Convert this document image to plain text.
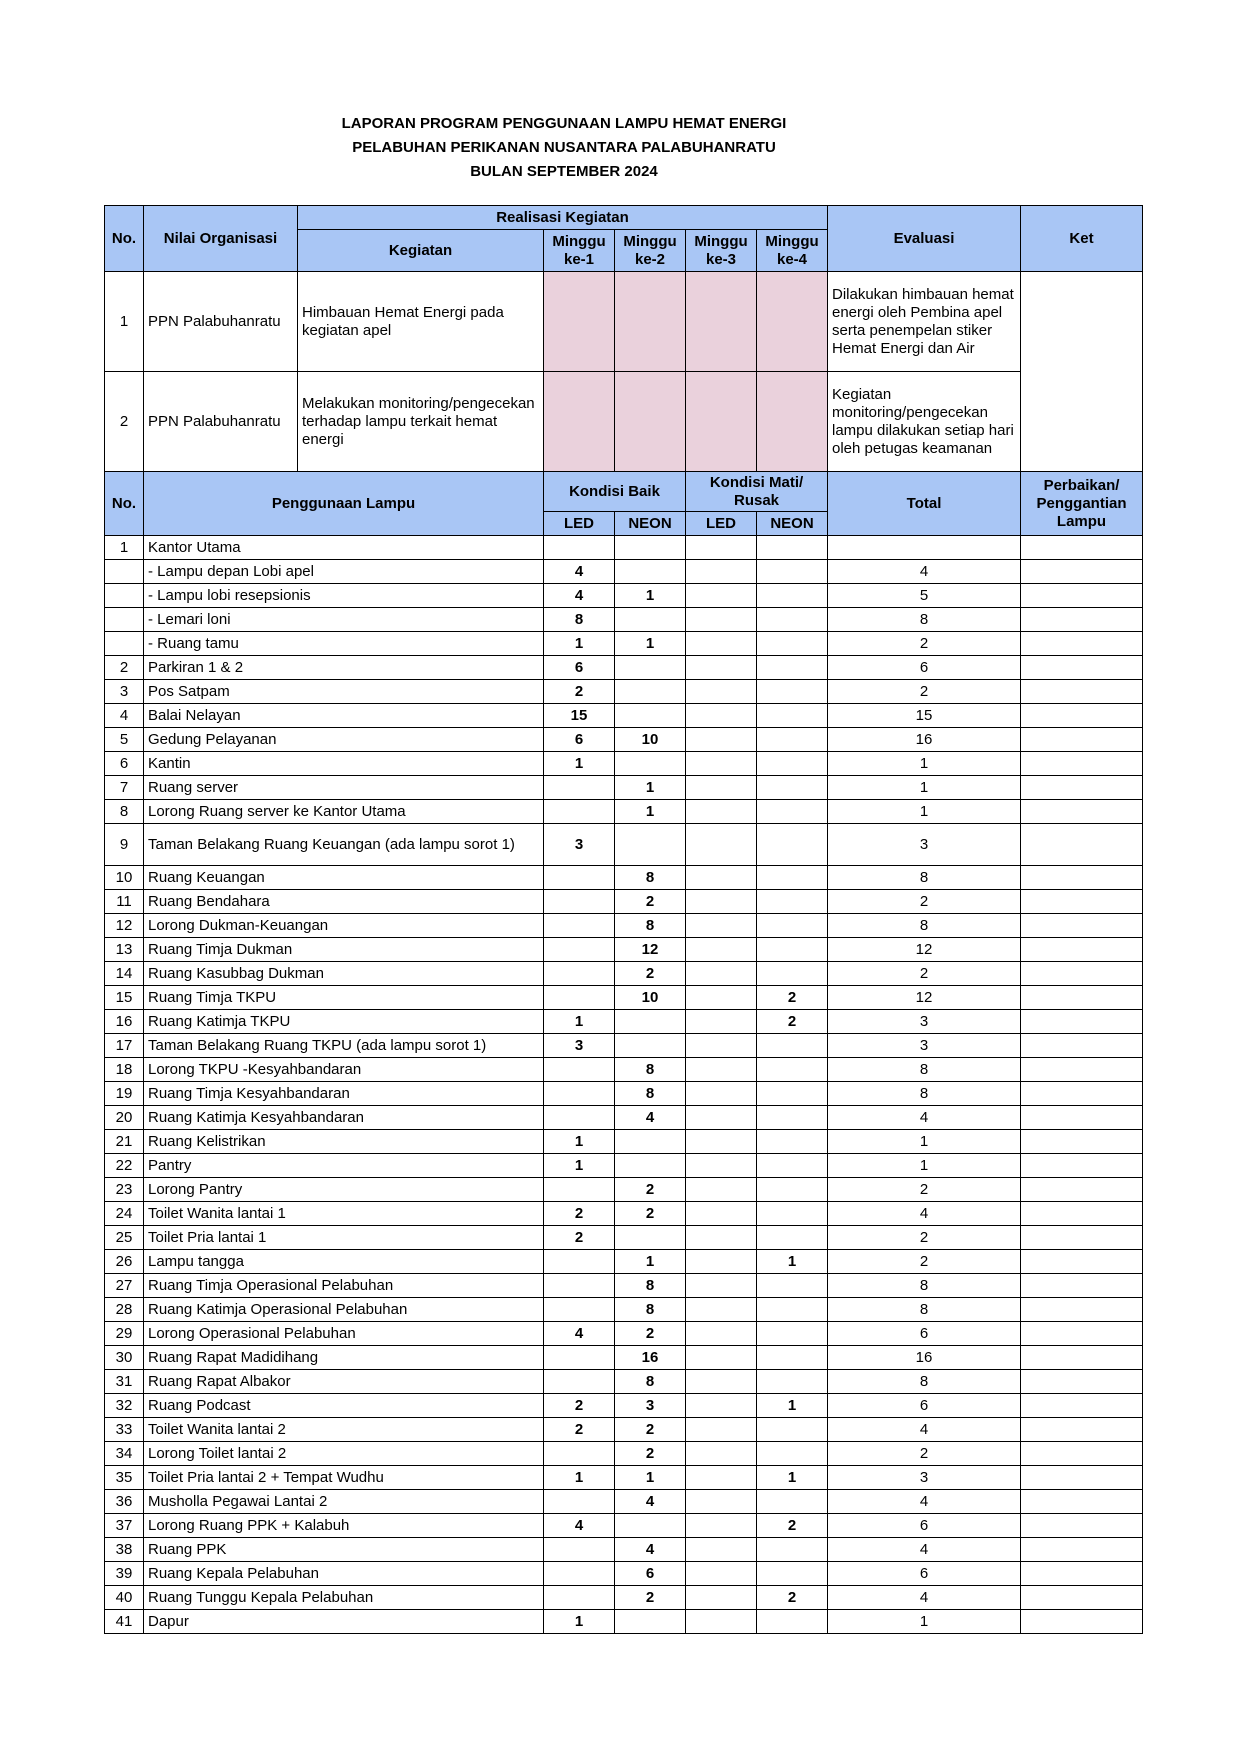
LAPORAN PROGRAM PENGGUNAAN LAMPU HEMAT ENERGI
PELABUHAN PERIKANAN NUSANTARA PALABUHANRATU
BULAN SEPTEMBER 2024
No.	Nilai Organisasi	Realisasi Kegiatan					Evaluasi	Ket
		Kegiatan	Minggu ke-1	Minggu ke-2	Minggu ke-3	Minggu ke-4		
1	PPN Palabuhanratu	Himbauan Hemat Energi pada kegiatan apel					Dilakukan himbauan hemat energi oleh Pembina apel serta penempelan stiker Hemat Energi dan Air	
2	PPN Palabuhanratu	Melakukan monitoring/pengecekan terhadap lampu terkait hemat energi					Kegiatan monitoring/pengecekan lampu dilakukan setiap hari oleh petugas keamanan	
No.	Penggunaan Lampu		Kondisi Baik		Kondisi Mati/ Rusak		Total	Perbaikan/ Penggantian Lampu
			LED	NEON	LED	NEON		
1	Kantor Utama							
	- Lampu depan Lobi apel		4				4	
	- Lampu lobi resepsionis		4	1			5	
	- Lemari loni		8				8	
	- Ruang tamu		1	1			2	
2	Parkiran 1 & 2		6				6	
3	Pos Satpam		2				2	
4	Balai Nelayan		15				15	
5	Gedung Pelayanan		6	10			16	
6	Kantin		1				1	
7	Ruang server			1			1	
8	Lorong Ruang server ke Kantor Utama			1			1	
9	Taman Belakang Ruang Keuangan (ada lampu sorot 1)		3				3	
10	Ruang Keuangan			8			8	
11	Ruang Bendahara			2			2	
12	Lorong Dukman-Keuangan			8			8	
13	Ruang Timja Dukman			12			12	
14	Ruang Kasubbag Dukman			2			2	
15	Ruang Timja TKPU			10		2	12	
16	Ruang Katimja TKPU		1			2	3	
17	Taman Belakang Ruang TKPU (ada lampu sorot 1)		3				3	
18	Lorong TKPU -Kesyahbandaran			8			8	
19	Ruang Timja Kesyahbandaran			8			8	
20	Ruang Katimja Kesyahbandaran			4			4	
21	Ruang Kelistrikan		1				1	
22	Pantry		1				1	
23	Lorong Pantry			2			2	
24	Toilet Wanita lantai 1		2	2			4	
25	Toilet Pria lantai 1		2				2	
26	Lampu tangga			1		1	2	
27	Ruang Timja Operasional Pelabuhan			8			8	
28	Ruang Katimja Operasional Pelabuhan			8			8	
29	Lorong Operasional Pelabuhan		4	2			6	
30	Ruang Rapat Madidihang			16			16	
31	Ruang Rapat Albakor			8			8	
32	Ruang Podcast		2	3		1	6	
33	Toilet Wanita lantai 2		2	2			4	
34	Lorong Toilet lantai 2			2			2	
35	Toilet Pria lantai 2 + Tempat Wudhu		1	1		1	3	
36	Musholla Pegawai Lantai 2			4			4	
37	Lorong Ruang PPK + Kalabuh		4			2	6	
38	Ruang PPK			4			4	
39	Ruang Kepala Pelabuhan			6			6	
40	Ruang Tunggu Kepala Pelabuhan			2		2	4	
41	Dapur		1				1	
